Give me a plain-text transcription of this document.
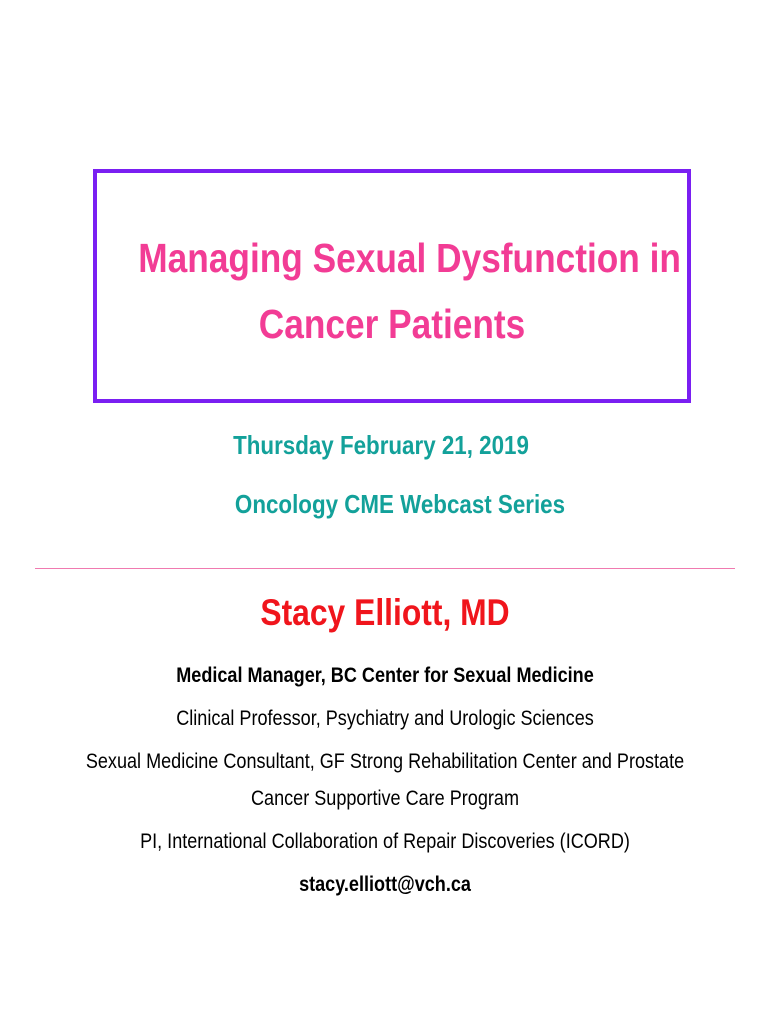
Managing Sexual Dysfunction in
Cancer Patients
Thursday February 21, 2019
Oncology CME Webcast Series
Stacy Elliott, MD
Medical Manager, BC Center for Sexual Medicine
Clinical Professor, Psychiatry and Urologic Sciences
Sexual Medicine Consultant, GF Strong Rehabilitation Center and Prostate
Cancer Supportive Care Program
PI, International Collaboration of Repair Discoveries (ICORD)
stacy.elliott@vch.ca
